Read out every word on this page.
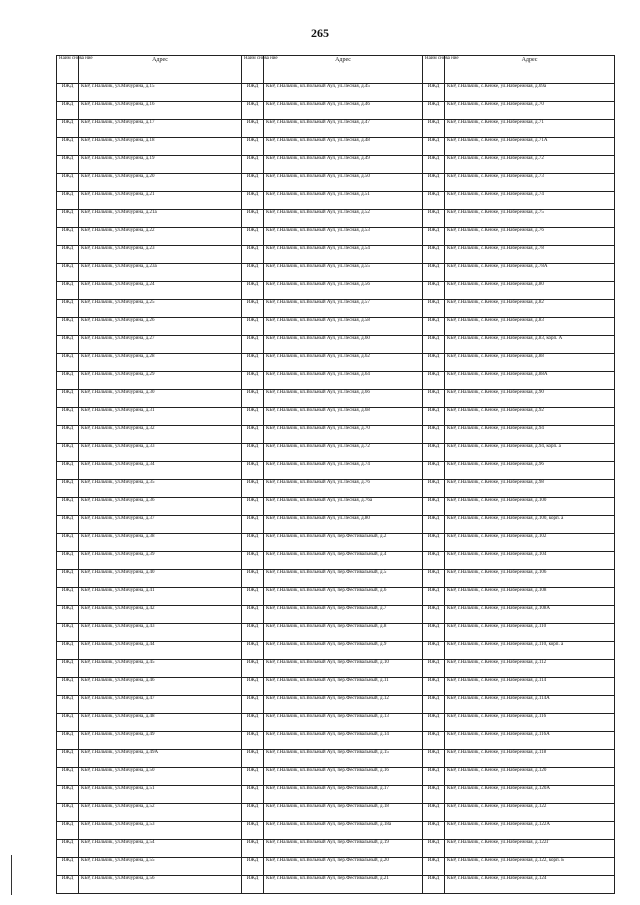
265
Наим снова ние	Адрес	Наим снова ние	Адрес	Наим снова ние	Адрес
ИЖД	КБР, г.Нальчик, ул.Мичурина, д.15	ИЖД	КБР, г.Нальчик, кп.Вольный Аул, ул.Лесная, д.45	ИЖД	КБР, г.Нальчик, с.Кенже, ул.Набережная, д.69а
ИЖД	КБР, г.Нальчик, ул.Мичурина, д.16	ИЖД	КБР, г.Нальчик, кп.Вольный Аул, ул.Лесная, д.46	ИЖД	КБР, г.Нальчик, с.Кенже, ул.Набережная, д.70
ИЖД	КБР, г.Нальчик, ул.Мичурина, д.17	ИЖД	КБР, г.Нальчик, кп.Вольный Аул, ул.Лесная, д.47	ИЖД	КБР, г.Нальчик, с.Кенже, ул.Набережная, д.71
ИЖД	КБР, г.Нальчик, ул.Мичурина, д.18	ИЖД	КБР, г.Нальчик, кп.Вольный Аул, ул.Лесная, д.48	ИЖД	КБР, г.Нальчик, с.Кенже, ул.Набережная, д.71А
ИЖД	КБР, г.Нальчик, ул.Мичурина, д.19	ИЖД	КБР, г.Нальчик, кп.Вольный Аул, ул.Лесная, д.49	ИЖД	КБР, г.Нальчик, с.Кенже, ул.Набережная, д.72
ИЖД	КБР, г.Нальчик, ул.Мичурина, д.20	ИЖД	КБР, г.Нальчик, кп.Вольный Аул, ул.Лесная, д.50	ИЖД	КБР, г.Нальчик, с.Кенже, ул.Набережная, д.73
ИЖД	КБР, г.Нальчик, ул.Мичурина, д.21	ИЖД	КБР, г.Нальчик, кп.Вольный Аул, ул.Лесная, д.51	ИЖД	КБР, г.Нальчик, с.Кенже, ул.Набережная, д.74
ИЖД	КБР, г.Нальчик, ул.Мичурина, д.21а	ИЖД	КБР, г.Нальчик, кп.Вольный Аул, ул.Лесная, д.52	ИЖД	КБР, г.Нальчик, с.Кенже, ул.Набережная, д.75
ИЖД	КБР, г.Нальчик, ул.Мичурина, д.22	ИЖД	КБР, г.Нальчик, кп.Вольный Аул, ул.Лесная, д.53	ИЖД	КБР, г.Нальчик, с.Кенже, ул.Набережная, д.76
ИЖД	КБР, г.Нальчик, ул.Мичурина, д.23	ИЖД	КБР, г.Нальчик, кп.Вольный Аул, ул.Лесная, д.54	ИЖД	КБР, г.Нальчик, с.Кенже, ул.Набережная, д.78
ИЖД	КБР, г.Нальчик, ул.Мичурина, д.23а	ИЖД	КБР, г.Нальчик, кп.Вольный Аул, ул.Лесная, д.55	ИЖД	КБР, г.Нальчик, с.Кенже, ул.Набережная, д.78А
ИЖД	КБР, г.Нальчик, ул.Мичурина, д.24	ИЖД	КБР, г.Нальчик, кп.Вольный Аул, ул.Лесная, д.56	ИЖД	КБР, г.Нальчик, с.Кенже, ул.Набережная, д.80
ИЖД	КБР, г.Нальчик, ул.Мичурина, д.25	ИЖД	КБР, г.Нальчик, кп.Вольный Аул, ул.Лесная, д.57	ИЖД	КБР, г.Нальчик, с.Кенже, ул.Набережная, д.82
ИЖД	КБР, г.Нальчик, ул.Мичурина, д.26	ИЖД	КБР, г.Нальчик, кп.Вольный Аул, ул.Лесная, д.58	ИЖД	КБР, г.Нальчик, с.Кенже, ул.Набережная, д.83
ИЖД	КБР, г.Нальчик, ул.Мичурина, д.27	ИЖД	КБР, г.Нальчик, кп.Вольный Аул, ул.Лесная, д.60	ИЖД	КБР, г.Нальчик, с.Кенже, ул.Набережная, д.83, корп. А
ИЖД	КБР, г.Нальчик, ул.Мичурина, д.28	ИЖД	КБР, г.Нальчик, кп.Вольный Аул, ул.Лесная, д.62	ИЖД	КБР, г.Нальчик, с.Кенже, ул.Набережная, д.88
ИЖД	КБР, г.Нальчик, ул.Мичурина, д.29	ИЖД	КБР, г.Нальчик, кп.Вольный Аул, ул.Лесная, д.64	ИЖД	КБР, г.Нальчик, с.Кенже, ул.Набережная, д.88А
ИЖД	КБР, г.Нальчик, ул.Мичурина, д.30	ИЖД	КБР, г.Нальчик, кп.Вольный Аул, ул.Лесная, д.66	ИЖД	КБР, г.Нальчик, с.Кенже, ул.Набережная, д.90
ИЖД	КБР, г.Нальчик, ул.Мичурина, д.31	ИЖД	КБР, г.Нальчик, кп.Вольный Аул, ул.Лесная, д.68	ИЖД	КБР, г.Нальчик, с.Кенже, ул.Набережная, д.92
ИЖД	КБР, г.Нальчик, ул.Мичурина, д.32	ИЖД	КБР, г.Нальчик, кп.Вольный Аул, ул.Лесная, д.70	ИЖД	КБР, г.Нальчик, с.Кенже, ул.Набережная, д.94
ИЖД	КБР, г.Нальчик, ул.Мичурина, д.33	ИЖД	КБР, г.Нальчик, кп.Вольный Аул, ул.Лесная, д.72	ИЖД	КБР, г.Нальчик, с.Кенже, ул.Набережная, д.94, корп. а
ИЖД	КБР, г.Нальчик, ул.Мичурина, д.34	ИЖД	КБР, г.Нальчик, кп.Вольный Аул, ул.Лесная, д.74	ИЖД	КБР, г.Нальчик, с.Кенже, ул.Набережная, д.96
ИЖД	КБР, г.Нальчик, ул.Мичурина, д.35	ИЖД	КБР, г.Нальчик, кп.Вольный Аул, ул.Лесная, д.76	ИЖД	КБР, г.Нальчик, с.Кенже, ул.Набережная, д.98
ИЖД	КБР, г.Нальчик, ул.Мичурина, д.36	ИЖД	КБР, г.Нальчик, кп.Вольный Аул, ул.Лесная, д.76а	ИЖД	КБР, г.Нальчик, с.Кенже, ул.Набережная, д.100
ИЖД	КБР, г.Нальчик, ул.Мичурина, д.37	ИЖД	КБР, г.Нальчик, кп.Вольный Аул, ул.Лесная, д.80	ИЖД	КБР, г.Нальчик, с.Кенже, ул.Набережная, д.100, корп. а
ИЖД	КБР, г.Нальчик, ул.Мичурина, д.38	ИЖД	КБР, г.Нальчик, кп.Вольный Аул, пер.Фестивальный, д.2	ИЖД	КБР, г.Нальчик, с.Кенже, ул.Набережная, д.102
ИЖД	КБР, г.Нальчик, ул.Мичурина, д.39	ИЖД	КБР, г.Нальчик, кп.Вольный Аул, пер.Фестивальный, д.4	ИЖД	КБР, г.Нальчик, с.Кенже, ул.Набережная, д.104
ИЖД	КБР, г.Нальчик, ул.Мичурина, д.40	ИЖД	КБР, г.Нальчик, кп.Вольный Аул, пер.Фестивальный, д.5	ИЖД	КБР, г.Нальчик, с.Кенже, ул.Набережная, д.106
ИЖД	КБР, г.Нальчик, ул.Мичурина, д.41	ИЖД	КБР, г.Нальчик, кп.Вольный Аул, пер.Фестивальный, д.6	ИЖД	КБР, г.Нальчик, с.Кенже, ул.Набережная, д.108
ИЖД	КБР, г.Нальчик, ул.Мичурина, д.42	ИЖД	КБР, г.Нальчик, кп.Вольный Аул, пер.Фестивальный, д.7	ИЖД	КБР, г.Нальчик, с.Кенже, ул.Набережная, д.108А
ИЖД	КБР, г.Нальчик, ул.Мичурина, д.43	ИЖД	КБР, г.Нальчик, кп.Вольный Аул, пер.Фестивальный, д.8	ИЖД	КБР, г.Нальчик, с.Кенже, ул.Набережная, д.110
ИЖД	КБР, г.Нальчик, ул.Мичурина, д.44	ИЖД	КБР, г.Нальчик, кп.Вольный Аул, пер.Фестивальный, д.9	ИЖД	КБР, г.Нальчик, с.Кенже, ул.Набережная, д.110, корп. а
ИЖД	КБР, г.Нальчик, ул.Мичурина, д.45	ИЖД	КБР, г.Нальчик, кп.Вольный Аул, пер.Фестивальный, д.10	ИЖД	КБР, г.Нальчик, с.Кенже, ул.Набережная, д.112
ИЖД	КБР, г.Нальчик, ул.Мичурина, д.46	ИЖД	КБР, г.Нальчик, кп.Вольный Аул, пер.Фестивальный, д.11	ИЖД	КБР, г.Нальчик, с.Кенже, ул.Набережная, д.114
ИЖД	КБР, г.Нальчик, ул.Мичурина, д.47	ИЖД	КБР, г.Нальчик, кп.Вольный Аул, пер.Фестивальный, д.12	ИЖД	КБР, г.Нальчик, с.Кенже, ул.Набережная, д.114А
ИЖД	КБР, г.Нальчик, ул.Мичурина, д.48	ИЖД	КБР, г.Нальчик, кп.Вольный Аул, пер.Фестивальный, д.13	ИЖД	КБР, г.Нальчик, с.Кенже, ул.Набережная, д.116
ИЖД	КБР, г.Нальчик, ул.Мичурина, д.49	ИЖД	КБР, г.Нальчик, кп.Вольный Аул, пер.Фестивальный, д.14	ИЖД	КБР, г.Нальчик, с.Кенже, ул.Набережная, д.116А
ИЖД	КБР, г.Нальчик, ул.Мичурина, д.49А	ИЖД	КБР, г.Нальчик, кп.Вольный Аул, пер.Фестивальный, д.15	ИЖД	КБР, г.Нальчик, с.Кенже, ул.Набережная, д.118
ИЖД	КБР, г.Нальчик, ул.Мичурина, д.50	ИЖД	КБР, г.Нальчик, кп.Вольный Аул, пер.Фестивальный, д.16	ИЖД	КБР, г.Нальчик, с.Кенже, ул.Набережная, д.120
ИЖД	КБР, г.Нальчик, ул.Мичурина, д.51	ИЖД	КБР, г.Нальчик, кп.Вольный Аул, пер.Фестивальный, д.17	ИЖД	КБР, г.Нальчик, с.Кенже, ул.Набережная, д.120А
ИЖД	КБР, г.Нальчик, ул.Мичурина, д.52	ИЖД	КБР, г.Нальчик, кп.Вольный Аул, пер.Фестивальный, д.18	ИЖД	КБР, г.Нальчик, с.Кенже, ул.Набережная, д.122
ИЖД	КБР, г.Нальчик, ул.Мичурина, д.53	ИЖД	КБР, г.Нальчик, кп.Вольный Аул, пер.Фестивальный, д.18а	ИЖД	КБР, г.Нальчик, с.Кенже, ул.Набережная, д.122А
ИЖД	КБР, г.Нальчик, ул.Мичурина, д.54	ИЖД	КБР, г.Нальчик, кп.Вольный Аул, пер.Фестивальный, д.19	ИЖД	КБР, г.Нальчик, с.Кенже, ул.Набережная, д.122Г
ИЖД	КБР, г.Нальчик, ул.Мичурина, д.55	ИЖД	КБР, г.Нальчик, кп.Вольный Аул, пер.Фестивальный, д.20	ИЖД	КБР, г.Нальчик, с.Кенже, ул.Набережная, д.122, корп. Б
ИЖД	КБР, г.Нальчик, ул.Мичурина, д.56	ИЖД	КБР, г.Нальчик, кп.Вольный Аул, пер.Фестивальный, д.21	ИЖД	КБР, г.Нальчик, с.Кенже, ул.Набережная, д.124
